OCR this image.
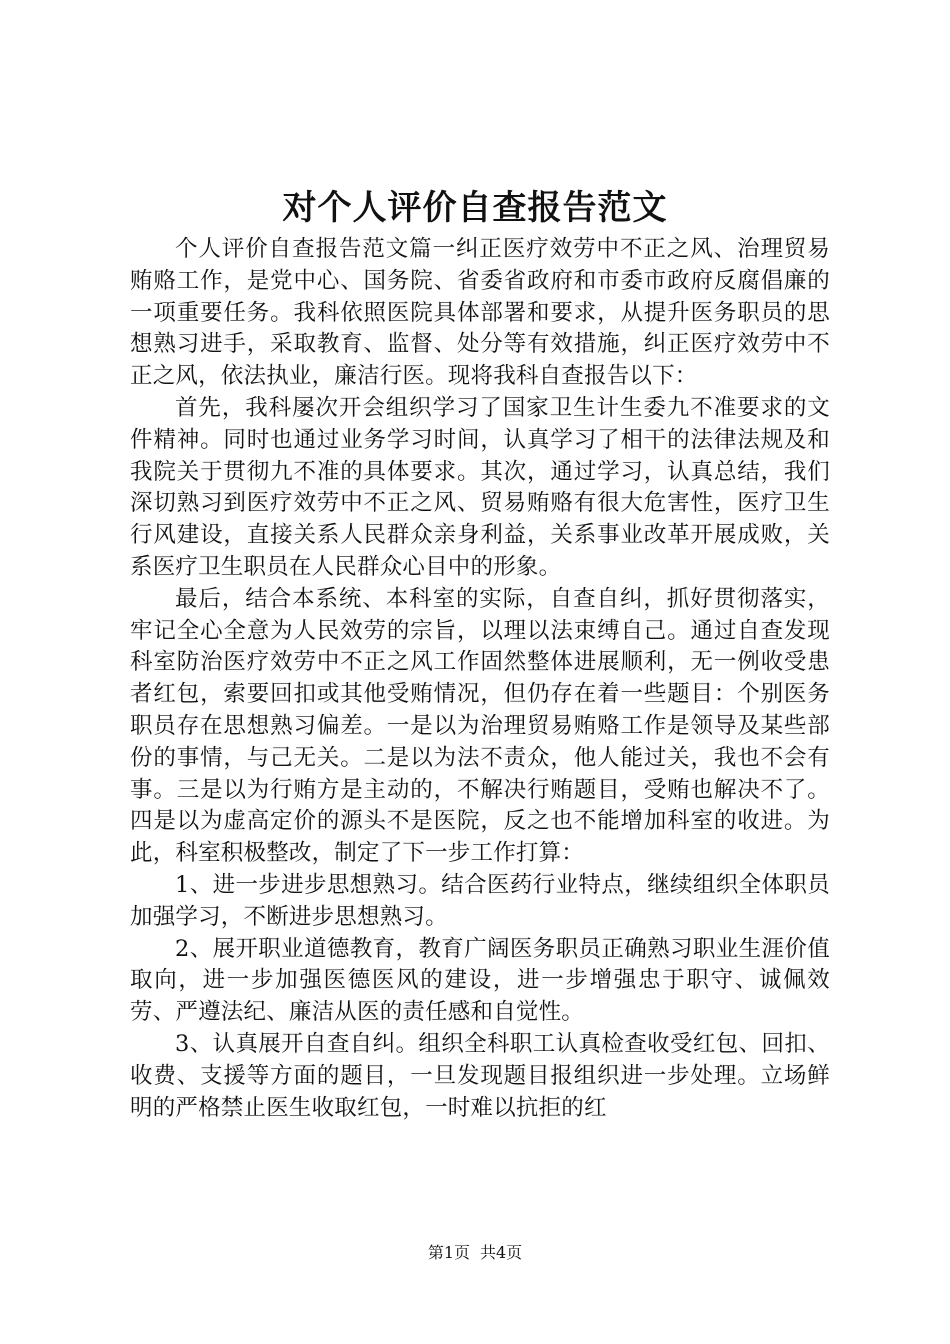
对个人评价自查报告范文

个人评价自查报告范文篇一纠正医疗效劳中不正之风、治理贸易贿赂工作，是党中心、国务院、省委省政府和市委市政府反腐倡廉的一项重要任务。我科依照医院具体部署和要求，从提升医务职员的思想熟习进手，采取教育、监督、处分等有效措施，纠正医疗效劳中不正之风，依法执业，廉洁行医。现将我科自查报告以下：

首先，我科屡次开会组织学习了国家卫生计生委九不准要求的文件精神。同时也通过业务学习时间，认真学习了相干的法律法规及和我院关于贯彻九不准的具体要求。其次，通过学习，认真总结，我们深切熟习到医疗效劳中不正之风、贸易贿赂有很大危害性，医疗卫生行风建设，直接关系人民群众亲身利益，关系事业改革开展成败，关系医疗卫生职员在人民群众心目中的形象。

最后，结合本系统、本科室的实际，自查自纠，抓好贯彻落实，牢记全心全意为人民效劳的宗旨，以理以法束缚自己。通过自查发现科室防治医疗效劳中不正之风工作固然整体进展顺利，无一例收受患者红包，索要回扣或其他受贿情况，但仍存在着一些题目：个别医务职员存在思想熟习偏差。一是以为治理贸易贿赂工作是领导及某些部份的事情，与己无关。二是以为法不责众，他人能过关，我也不会有事。三是以为行贿方是主动的，不解决行贿题目，受贿也解决不了。四是以为虚高定价的源头不是医院，反之也不能增加科室的收进。为此，科室积极整改，制定了下一步工作打算：

1、进一步进步思想熟习。结合医药行业特点，继续组织全体职员加强学习，不断进步思想熟习。

2、展开职业道德教育，教育广阔医务职员正确熟习职业生涯价值取向，进一步加强医德医风的建设，进一步增强忠于职守、诚佩效劳、严遵法纪、廉洁从医的责任感和自觉性。

3、认真展开自查自纠。组织全科职工认真检查收受红包、回扣、收费、支援等方面的题目，一旦发现题目报组织进一步处理。立场鲜明的严格禁止医生收取红包，一时难以抗拒的红

第1页 共4页
